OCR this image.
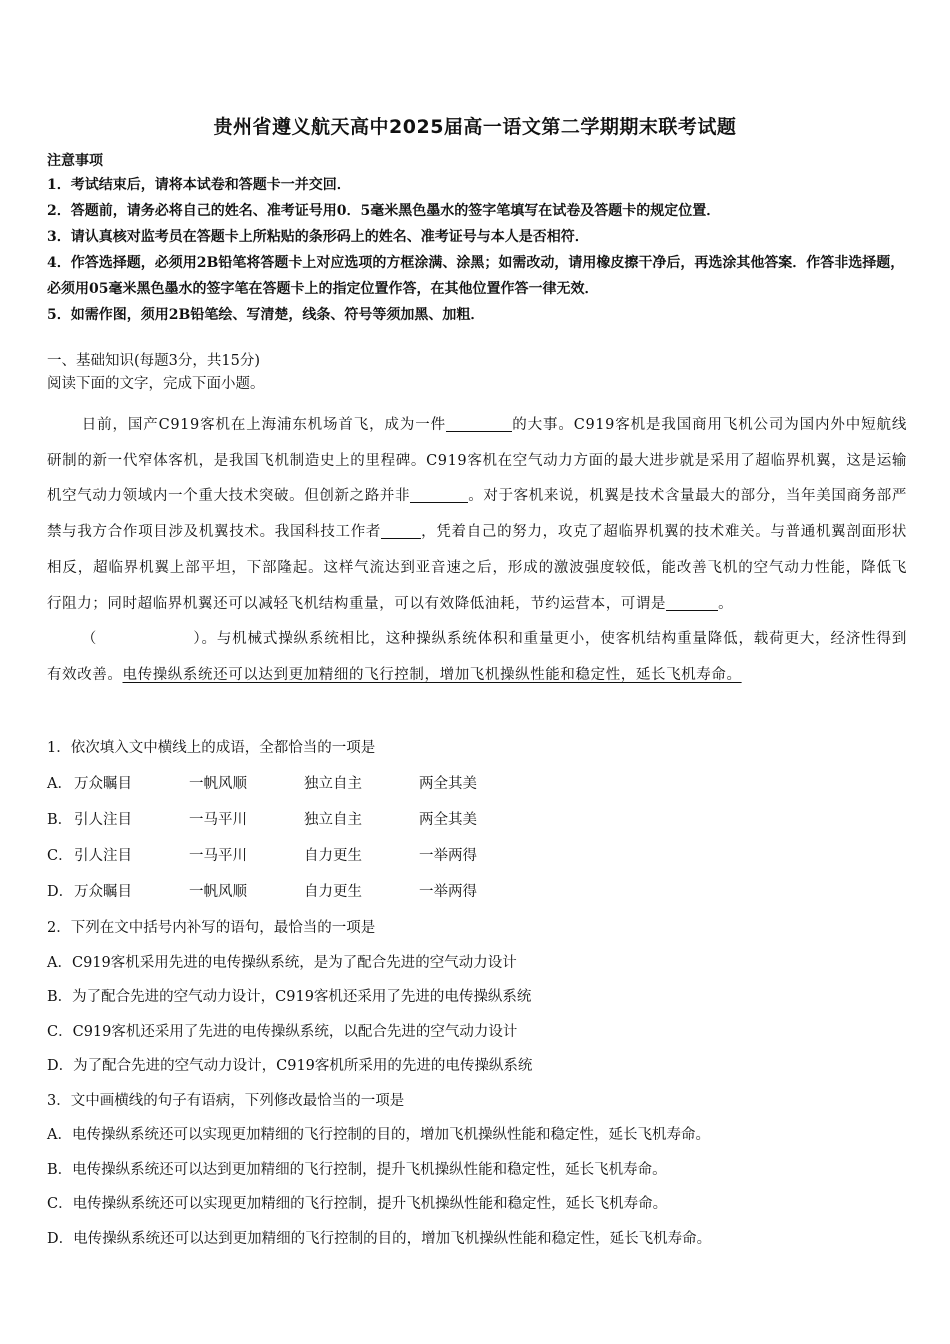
贵州省遵义航天高中2025届高一语文第二学期期末联考试题
注意事项
1．考试结束后，请将本试卷和答题卡一并交回．
2．答题前，请务必将自己的姓名、准考证号用0．5毫米黑色墨水的签字笔填写在试卷及答题卡的规定位置．
3．请认真核对监考员在答题卡上所粘贴的条形码上的姓名、准考证号与本人是否相符．
4．作答选择题，必须用2B铅笔将答题卡上对应选项的方框涂满、涂黑；如需改动，请用橡皮擦干净后，再选涂其他答案．作答非选择题，必须用05毫米黑色墨水的签字笔在答题卡上的指定位置作答，在其他位置作答一律无效．
5．如需作图，须用2B铅笔绘、写清楚，线条、符号等须加黑、加粗．
一、基础知识(每题3分，共15分)
阅读下面的文字，完成下面小题。

日前，国产C919客机在上海浦东机场首飞，成为一件	的大事。C919客机是我国商用飞机公司为国内外中短航线研制的新一代窄体客机，是我国飞机制造史上的里程碑。C919客机在空气动力方面的最大进步就是采用了超临界机翼，这是运输机空气动力领域内一个重大技术突破。但创新之路并非	。对于客机来说，机翼是技术含量最大的部分，当年美国商务部严禁与我方合作项目涉及机翼技术。我国科技工作者	，凭着自己的努力，攻克了超临界机翼的技术难关。与普通机翼剖面形状相反，超临界机翼上部平坦，下部隆起。这样气流达到亚音速之后，形成的激波强度较低，能改善飞机的空气动力性能，降低飞行阻力；同时超临界机翼还可以减轻飞机结构重量，可以有效降低油耗，节约运营本，可谓是	。

（	）。与机械式操纵系统相比，这种操纵系统体积和重量更小，使客机结构重量降低，载荷更大，经济性得到有效改善。电传操纵系统还可以达到更加精细的飞行控制，增加飞机操纵性能和稳定性，延长飞机寿命。

1．依次填入文中横线上的成语，全都恰当的一项是
A． 万众瞩目	一帆风顺	独立自主	两全其美
B． 引人注目	一马平川	独立自主	两全其美
C． 引人注目	一马平川	自力更生	一举两得
D． 万众瞩目	一帆风顺	自力更生	一举两得
2．下列在文中括号内补写的语句，最恰当的一项是
A．C919客机采用先进的电传操纵系统，是为了配合先进的空气动力设计
B．为了配合先进的空气动力设计，C919客机还采用了先进的电传操纵系统
C．C919客机还采用了先进的电传操纵系统，以配合先进的空气动力设计
D．为了配合先进的空气动力设计，C919客机所采用的先进的电传操纵系统
3．文中画横线的句子有语病，下列修改最恰当的一项是
A．电传操纵系统还可以实现更加精细的飞行控制的目的，增加飞机操纵性能和稳定性，延长飞机寿命。
B．电传操纵系统还可以达到更加精细的飞行控制，提升飞机操纵性能和稳定性，延长飞机寿命。
C．电传操纵系统还可以实现更加精细的飞行控制，提升飞机操纵性能和稳定性，延长飞机寿命。
D．电传操纵系统还可以达到更加精细的飞行控制的目的，增加飞机操纵性能和稳定性，延长飞机寿命。
